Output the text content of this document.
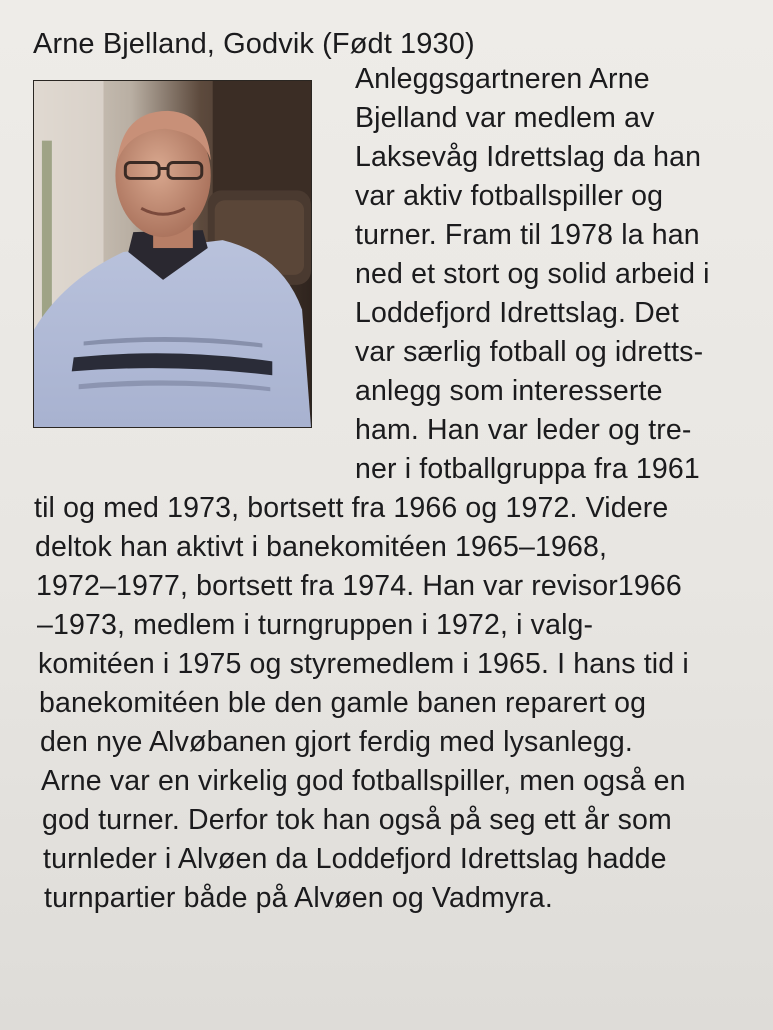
Arne Bjelland, Godvik (Født 1930)
Anleggsgartneren Arne
Bjelland var medlem av
Laksevåg Idrettslag da han
var aktiv fotballspiller og
turner. Fram til 1978 la han
ned et stort og solid arbeid i
Loddefjord Idrettslag. Det
var særlig fotball og idretts-
anlegg som interesserte
ham. Han var leder og tre-
ner i fotballgruppa fra 1961
til og med 1973, bortsett fra 1966 og 1972. Videre
deltok han aktivt i banekomitéen 1965–1968,
1972–1977, bortsett fra 1974. Han var revisor1966
–1973, medlem i turngruppen i 1972, i valg-
komitéen i 1975 og styremedlem i 1965. I hans tid i
banekomitéen ble den gamle banen reparert og
den nye Alvøbanen gjort ferdig med lysanlegg.
Arne var en virkelig god fotballspiller, men også en
god turner. Derfor tok han også på seg ett år som
turnleder i Alvøen da Loddefjord Idrettslag hadde
turnpartier både på Alvøen og Vadmyra.
